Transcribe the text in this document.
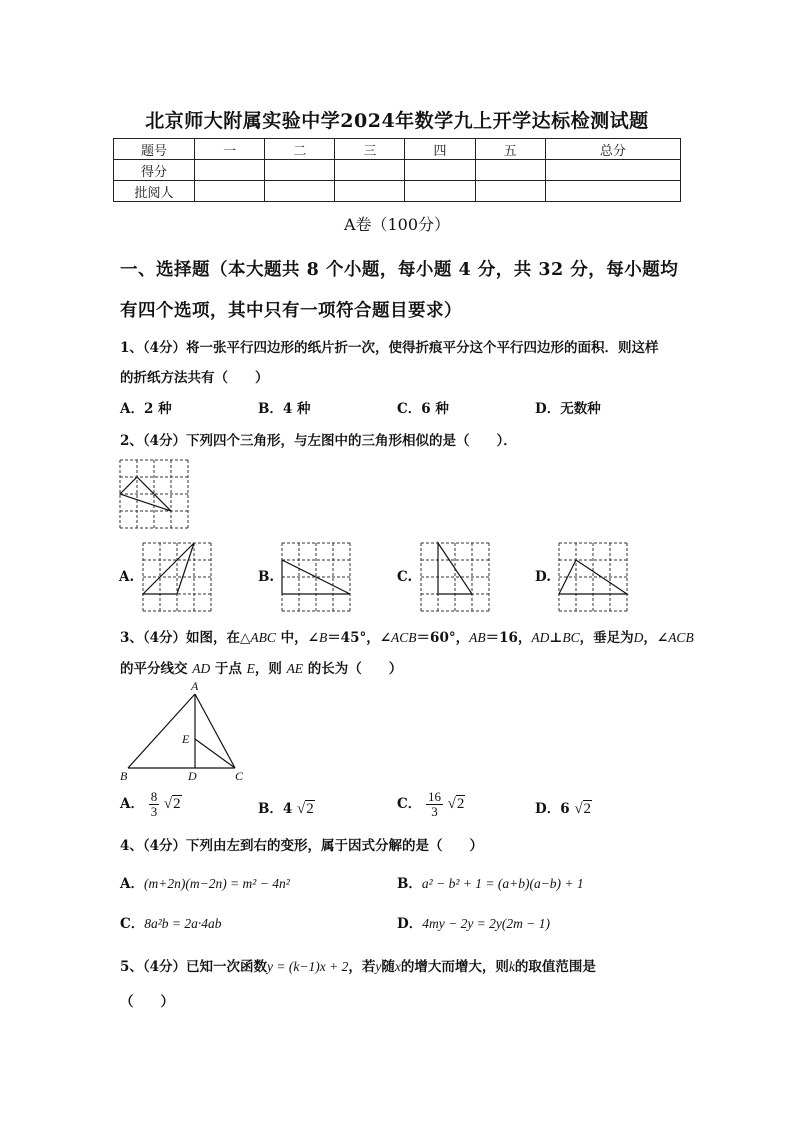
北京师大附属实验中学2024年数学九上开学达标检测试题
题号	一	二	三	四	五	总分
得分						
批阅人						
A卷（100分）
一、选择题（本大题共 8 个小题，每小题 4 分，共 32 分，每小题均
有四个选项，其中只有一项符合题目要求）
1、（4分）将一张平行四边形的纸片折一次，使得折痕平分这个平行四边形的面积．则这样
的折纸方法共有（　　）
A．2 种	B．4 种	C．6 种	D．无数种
2、（4分）下列四个三角形，与左图中的三角形相似的是（　　）．
A.	B.	C.	D.
3、（4分）如图，在△ABC 中，∠B＝45°，∠ACB＝60°，AB＝16，AD⊥BC，垂足为D，∠ACB
的平分线交 AD 于点 E，则 AE 的长为（　　）
A
B	C
D
E
A． $\frac{8}{3} √2$	B．4 √2	C． $\frac{16}{3} √2$	D．6 √2
4、（4分）下列由左到右的变形，属于因式分解的是（　　）
A．(m+2n)(m−2n) = m² − 4n²	B．a² − b² + 1 = (a+b)(a−b) + 1
C．8a²b = 2a·4ab	D．4my − 2y = 2y(2m − 1)
5、（4分）已知一次函数y = (k−1)x + 2，若y随x的增大而增大，则k的取值范围是
（　　）
